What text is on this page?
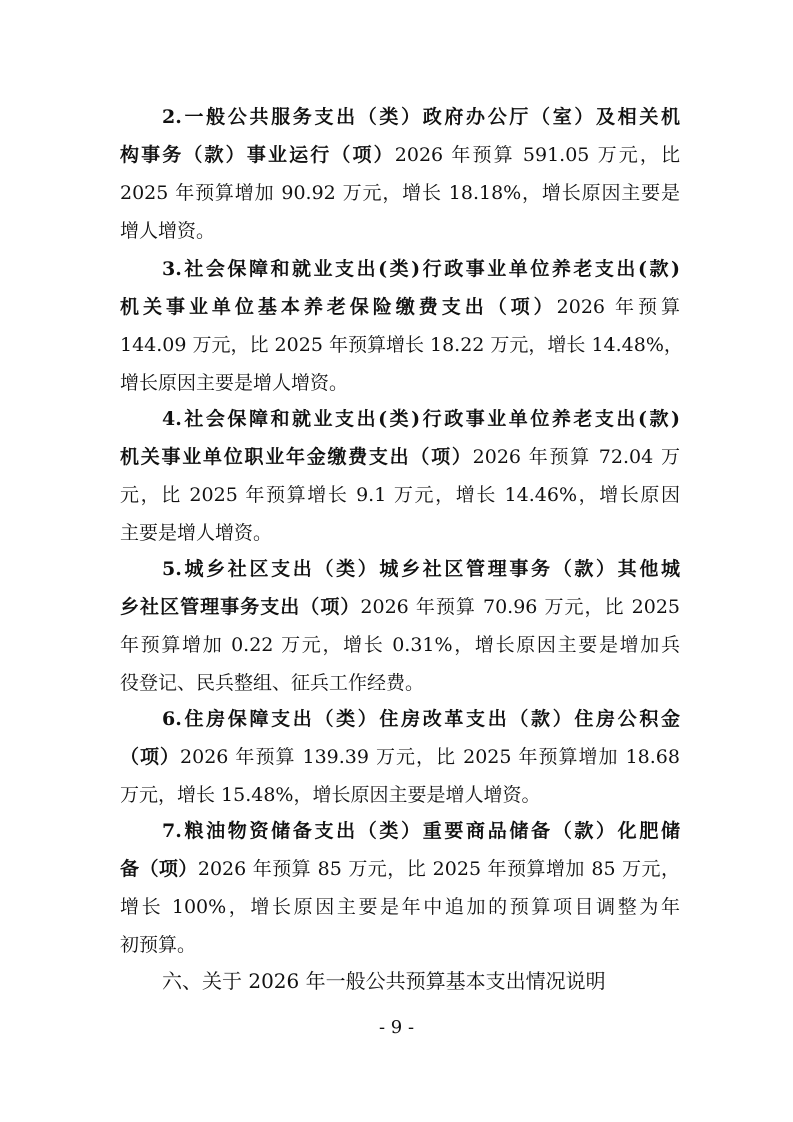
2.一般公共服务支出（类）政府办公厅（室）及相关机
构事务（款）事业运行（项）2026 年预算 591.05 万元，比
2025 年预算增加 90.92 万元，增长 18.18%，增长原因主要是
增人增资。
3.社会保障和就业支出(类)行政事业单位养老支出(款)
机关事业单位基本养老保险缴费支出（项）2026 年预算
144.09 万元，比 2025 年预算增长 18.22 万元，增长 14.48%，
增长原因主要是增人增资。
4.社会保障和就业支出(类)行政事业单位养老支出(款)
机关事业单位职业年金缴费支出（项）2026 年预算 72.04 万
元，比 2025 年预算增长 9.1 万元，增长 14.46%，增长原因
主要是增人增资。
5.城乡社区支出（类）城乡社区管理事务（款）其他城
乡社区管理事务支出（项）2026 年预算 70.96 万元，比 2025
年预算增加 0.22 万元，增长 0.31%，增长原因主要是增加兵
役登记、民兵整组、征兵工作经费。
6.住房保障支出（类）住房改革支出（款）住房公积金
（项）2026 年预算 139.39 万元，比 2025 年预算增加 18.68
万元，增长 15.48%，增长原因主要是增人增资。
7.粮油物资储备支出（类）重要商品储备（款）化肥储
备（项）2026 年预算 85 万元，比 2025 年预算增加 85 万元，
增长 100%，增长原因主要是年中追加的预算项目调整为年
初预算。
六、关于 2026 年一般公共预算基本支出情况说明
- 9 -
